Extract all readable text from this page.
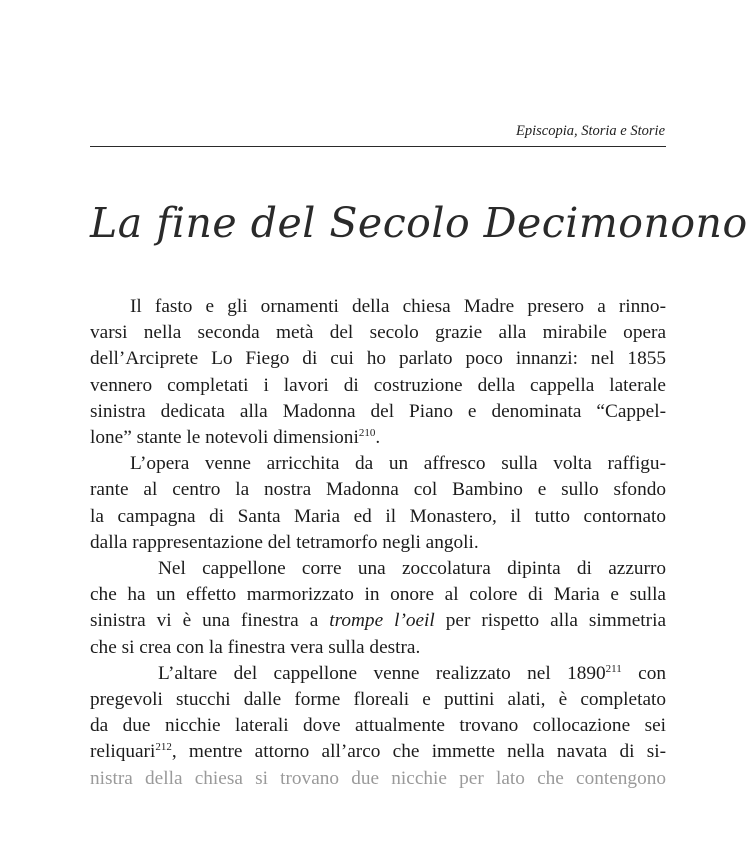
Episcopia, Storia e Storie
La fine del Secolo Decimonono

Il fasto e gli ornamenti della chiesa Madre presero a rinno-
varsi nella seconda metà del secolo grazie alla mirabile opera
dell’Arciprete Lo Fiego di cui ho parlato poco innanzi: nel 1855
vennero completati i lavori di costruzione della cappella laterale
sinistra dedicata alla Madonna del Piano e denominata “Cappel-
lone” stante le notevoli dimensioni$^{210}$.

L’opera venne arricchita da un affresco sulla volta raffigu-
rante al centro la nostra Madonna col Bambino e sullo sfondo
la campagna di Santa Maria ed il Monastero, il tutto contornato
dalla rappresentazione del tetramorfo negli angoli.

Nel cappellone corre una zoccolatura dipinta di azzurro
che ha un effetto marmorizzato in onore al colore di Maria e sulla
sinistra vi è una finestra a trompe l’oeil per rispetto alla simmetria
che si crea con la finestra vera sulla destra.

L’altare del cappellone venne realizzato nel 1890$^{211}$ con
pregevoli stucchi dalle forme floreali e puttini alati, è completato
da due nicchie laterali dove attualmente trovano collocazione sei
reliquari$^{212}$, mentre attorno all’arco che immette nella navata di si-
nistra della chiesa si trovano due nicchie per lato che contengono
